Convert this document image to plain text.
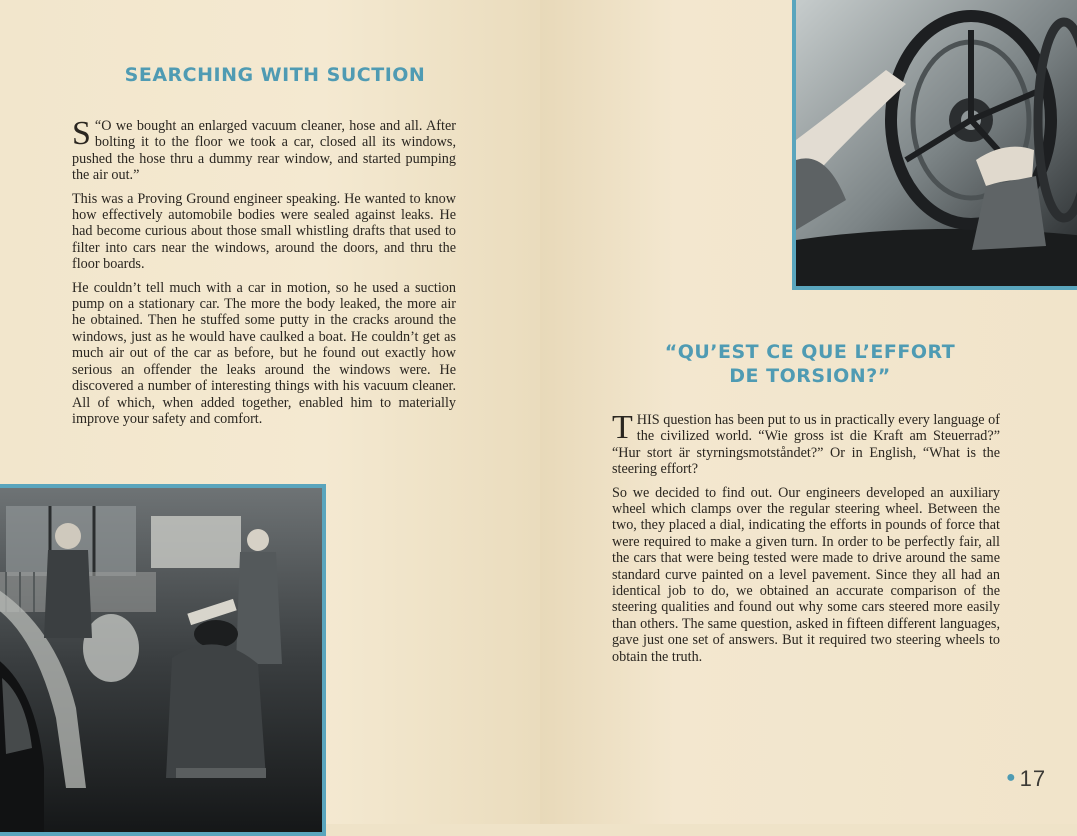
SEARCHING WITH SUCTION

“
S O we bought an enlarged vacuum cleaner, hose and all. After bolting it to the floor we took a car, closed all its windows, pushed the hose thru a dummy rear window, and started pumping the air out.”

This was a Proving Ground engineer speaking. He wanted to know how effectively automobile bodies were sealed against leaks. He had become curious about those small whistling drafts that used to filter into cars near the windows, around the doors, and thru the floor boards.

He couldn’t tell much with a car in motion, so he used a suction pump on a stationary car. The more the body leaked, the more air he obtained. Then he stuffed some putty in the cracks around the windows, just as he would have caulked a boat. He couldn’t get as much air out of the car as before, but he found out exactly how serious an offender the leaks around the windows were. He discovered a number of interesting things with his vacuum cleaner. All of which, when added together, enabled him to materially improve your safety and comfort.

“QU’EST CE QUE L’EFFORT
DE TORSION?”

THIS question has been put to us in practically every language of the civilized world. “Wie gross ist die Kraft am Steuerrad?” “Hur stort är styrningsmotståndet?” Or in English, “What is the steering effort?

So we decided to find out. Our engineers developed an auxiliary wheel which clamps over the regular steering wheel. Between the two, they placed a dial, indicating the efforts in pounds of force that were required to make a given turn. In order to be perfectly fair, all the cars that were being tested were made to drive around the same standard curve painted on a level pavement. Since they all had an identical job to do, we obtained an accurate comparison of the steering qualities and found out why some cars steered more easily than others. The same question, asked in fifteen different languages, gave just one set of answers. But it required two steering wheels to obtain the truth.

● 17
